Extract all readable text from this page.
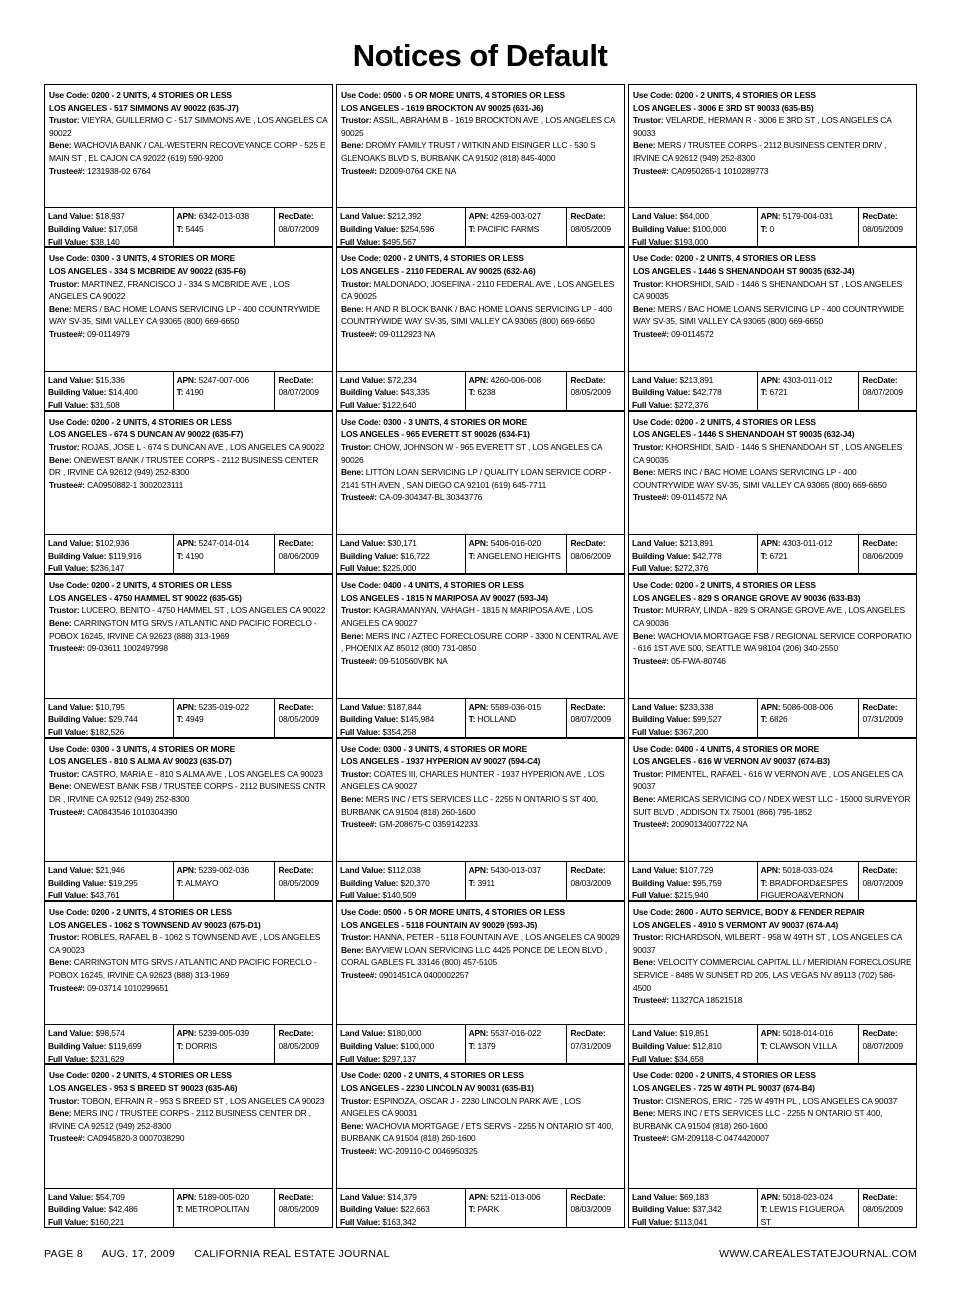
Notices of Default
Use Code: 0200 - 2 UNITS, 4 STORIES OR LESS
LOS ANGELES - 517 SIMMONS AV 90022 (635-J7)
Trustor: VIEYRA, GUILLERMO C - 517 SIMMONS AVE , LOS ANGELES CA 90022
Bene: WACHOVIA BANK / CAL-WESTERN RECOVEYANCE CORP - 525 E MAIN ST , EL CAJON CA 92022 (619) 590-9200
Trustee#: 1231938-02 6764
Land Value: $18,937
Building Value: $17,058
Full Value: $38,140
APN: 6342-013-038
T: 5445
RecDate:
08/07/2009
Use Code: 0300 - 3 UNITS, 4 STORIES OR MORE
LOS ANGELES - 334 S MCBRIDE AV 90022 (635-F6)
Trustor: MARTINEZ, FRANCISCO J - 334 S MCBRIDE AVE , LOS ANGELES CA 90022
Bene: MERS / BAC HOME LOANS SERVICING LP - 400 COUNTRYWIDE WAY SV-35, SIMI VALLEY CA 93065 (800) 669-6650
Trustee#: 09-0114979
Land Value: $15,336
Building Value: $14,400
Full Value: $31,508
APN: 5247-007-006
T: 4190
RecDate:
08/07/2009
Use Code: 0200 - 2 UNITS, 4 STORIES OR LESS
LOS ANGELES - 674 S DUNCAN AV 90022 (635-F7)
Trustor: ROJAS, JOSE L - 674 S DUNCAN AVE , LOS ANGELES CA 90022
Bene: ONEWEST BANK / TRUSTEE CORPS - 2112 BUSINESS CENTER DR , IRVINE CA 92612 (949) 252-8300
Trustee#: CA0950882-1 3002023111
Land Value: $102,936
Building Value: $119,916
Full Value: $236,147
APN: 5247-014-014
T: 4190
RecDate:
08/06/2009
Use Code: 0200 - 2 UNITS, 4 STORIES OR LESS
LOS ANGELES - 4750 HAMMEL ST 90022 (635-G5)
Trustor: LUCERO, BENITO - 4750 HAMMEL ST , LOS ANGELES CA 90022
Bene: CARRINGTON MTG SRVS / ATLANTIC AND PACIFIC FORECLO - POBOX 16245, IRVINE CA 92623 (888) 313-1969
Trustee#: 09-03611 1002497998
Land Value: $10,795
Building Value: $29,744
Full Value: $182,526
APN: 5235-019-022
T: 4949
RecDate:
08/05/2009
Use Code: 0300 - 3 UNITS, 4 STORIES OR MORE
LOS ANGELES - 810 S ALMA AV 90023 (635-D7)
Trustor: CASTRO, MARIA E - 810 S ALMA AVE , LOS ANGELES CA 90023
Bene: ONEWEST BANK FSB / TRUSTEE CORPS - 2112 BUSINESS CNTR DR , IRVINE CA 92512 (949) 252-8300
Trustee#: CA0843546 1010304390
Land Value: $21,946
Building Value: $19,295
Full Value: $43,761
APN: 5239-002-036
T: ALMAYO
RecDate:
08/05/2009
Use Code: 0200 - 2 UNITS, 4 STORIES OR LESS
LOS ANGELES - 1062 S TOWNSEND AV 90023 (675-D1)
Trustor: ROBLES, RAFAEL B - 1062 S TOWNSEND AVE , LOS ANGELES CA 90023
Bene: CARRINGTON MTG SRVS / ATLANTIC AND PACIFIC FORECLO - POBOX 16245, IRVINE CA 92623 (888) 313-1969
Trustee#: 09-03714 1010299651
Land Value: $98,574
Building Value: $119,699
Full Value: $231,629
APN: 5239-005-039
T: DORRIS
RecDate:
08/05/2009
Use Code: 0200 - 2 UNITS, 4 STORIES OR LESS
LOS ANGELES - 953 S BREED ST 90023 (635-A6)
Trustor: TOBON, EFRAIN R - 953 S BREED ST , LOS ANGELES CA 90023
Bene: MERS INC / TRUSTEE CORPS - 2112 BUSINESS CENTER DR , IRVINE CA 92512 (949) 252-8300
Trustee#: CA0945820-3 0007038290
Land Value: $54,709
Building Value: $42,486
Full Value: $160,221
APN: 5189-005-020
T: METROPOLITAN
RecDate:
08/05/2009
Use Code: 0500 - 5 OR MORE UNITS, 4 STORIES OR LESS
LOS ANGELES - 1619 BROCKTON AV 90025 (631-J6)
Trustor: ASSIL, ABRAHAM B - 1619 BROCKTON AVE , LOS ANGELES CA 90025
Bene: DROMY FAMILY TRUST / WITKIN AND EISINGER LLC - 530 S GLENOAKS BLVD S, BURBANK CA 91502 (818) 845-4000
Trustee#: D2009-0764 CKE NA
Land Value: $212,392
Building Value: $254,596
Full Value: $495,567
APN: 4259-003-027
T: PACIFIC FARMS
RecDate:
08/05/2009
Use Code: 0200 - 2 UNITS, 4 STORIES OR LESS
LOS ANGELES - 2110 FEDERAL AV 90025 (632-A6)
Trustor: MALDONADO, JOSEFINA - 2110 FEDERAL AVE , LOS ANGELES CA 90025
Bene: H AND R BLOCK BANK / BAC HOME LOANS SERVICING LP - 400 COUNTRYWIDE WAY SV-35, SIMI VALLEY CA 93065 (800) 669-6650
Trustee#: 09-0112923 NA
Land Value: $72,234
Building Value: $43,335
Full Value: $122,640
APN: 4260-006-008
T: 6238
RecDate:
08/05/2009
Use Code: 0300 - 3 UNITS, 4 STORIES OR MORE
LOS ANGELES - 965 EVERETT ST 90026 (634-F1)
Trustor: CHOW, JOHNSON W - 965 EVERETT ST , LOS ANGELES CA 90026
Bene: LITTON LOAN SERVICING LP / QUALITY LOAN SERVICE CORP - 2141 5TH AVEN , SAN DIEGO CA 92101 (619) 645-7711
Trustee#: CA-09-304347-BL 30343776
Land Value: $30,171
Building Value: $16,722
Full Value: $225,000
APN: 5406-016-020
T: ANGELENO HEIGHTS
RecDate:
08/06/2009
Use Code: 0400 - 4 UNITS, 4 STORIES OR LESS
LOS ANGELES - 1815 N MARIPOSA AV 90027 (593-J4)
Trustor: KAGRAMANYAN, VAHAGH - 1815 N MARIPOSA AVE , LOS ANGELES CA 90027
Bene: MERS INC / AZTEC FORECLOSURE CORP - 3300 N CENTRAL AVE , PHOENIX AZ 85012 (800) 731-0850
Trustee#: 09-510560VBK NA
Land Value: $187,844
Building Value: $145,984
Full Value: $354,258
APN: 5589-036-015
T: HOLLAND
RecDate:
08/07/2009
Use Code: 0300 - 3 UNITS, 4 STORIES OR MORE
LOS ANGELES - 1937 HYPERION AV 90027 (594-C4)
Trustor: COATES III, CHARLES HUNTER - 1937 HYPERION AVE , LOS ANGELES CA 90027
Bene: MERS INC / ETS SERVICES LLC - 2255 N ONTARIO S ST 400, BURBANK CA 91504 (818) 260-1600
Trustee#: GM-208675-C 0359142233
Land Value: $112,038
Building Value: $20,370
Full Value: $140,509
APN: 5430-013-037
T: 3911
RecDate:
08/03/2009
Use Code: 0500 - 5 OR MORE UNITS, 4 STORIES OR LESS
LOS ANGELES - 5118 FOUNTAIN AV 90029 (593-J5)
Trustor: HANNA, PETER - 5118 FOUNTAIN AVE , LOS ANGELES CA 90029
Bene: BAYVIEW LOAN SERVICING LLC 4425 PONCE DE LEON BLVD , CORAL GABLES FL 33146 (800) 457-5105
Trustee#: 0901451CA 0400002257
Land Value: $180,000
Building Value: $100,000
Full Value: $297,137
APN: 5537-016-022
T: 1379
RecDate:
07/31/2009
Use Code: 0200 - 2 UNITS, 4 STORIES OR LESS
LOS ANGELES - 2230 LINCOLN AV 90031 (635-B1)
Trustor: ESPINOZA, OSCAR J - 2230 LINCOLN PARK AVE , LOS ANGELES CA 90031
Bene: WACHOVIA MORTGAGE / ETS SERVS - 2255 N ONTARIO ST 400, BURBANK CA 91504 (818) 260-1600
Trustee#: WC-209110-C 0046950325
Land Value: $14,379
Building Value: $22,663
Full Value: $163,342
APN: 5211-013-006
T: PARK
RecDate:
08/03/2009
Use Code: 0200 - 2 UNITS, 4 STORIES OR LESS
LOS ANGELES - 3006 E 3RD ST 90033 (635-B5)
Trustor: VELARDE, HERMAN R - 3006 E 3RD ST , LOS ANGELES CA 90033
Bene: MERS / TRUSTEE CORPS - 2112 BUSINESS CENTER DRIV , IRVINE CA 92612 (949) 252-8300
Trustee#: CA0950265-1 1010289773
Land Value: $64,000
Building Value: $100,000
Full Value: $193,000
APN: 5179-004-031
T: 0
RecDate:
08/05/2009
Use Code: 0200 - 2 UNITS, 4 STORIES OR LESS
LOS ANGELES - 1446 S SHENANDOAH ST 90035 (632-J4)
Trustor: KHORSHIDI, SAID - 1446 S SHENANDOAH ST , LOS ANGELES CA 90035
Bene: MERS / BAC HOME LOANS SERVICING LP - 400 COUNTRYWIDE WAY SV-35, SIMI VALLEY CA 93065 (800) 669-6650
Trustee#: 09-0114572
Land Value: $213,891
Building Value: $42,778
Full Value: $272,376
APN: 4303-011-012
T: 6721
RecDate:
08/07/2009
Use Code: 0200 - 2 UNITS, 4 STORIES OR LESS
LOS ANGELES - 1446 S SHENANDOAH ST 90035 (632-J4)
Trustor: KHORSHIDI, SAID - 1446 S SHENANDOAH ST , LOS ANGELES CA 90035
Bene: MERS INC / BAC HOME LOANS SERVICING LP - 400 COUNTRYWIDE WAY SV-35, SIMI VALLEY CA 93065 (800) 669-6650
Trustee#: 09-0114572 NA
Land Value: $213,891
Building Value: $42,778
Full Value: $272,376
APN: 4303-011-012
T: 6721
RecDate:
08/06/2009
Use Code: 0200 - 2 UNITS, 4 STORIES OR LESS
LOS ANGELES - 829 S ORANGE GROVE AV 90036 (633-B3)
Trustor: MURRAY, LINDA - 829 S ORANGE GROVE AVE , LOS ANGELES CA 90036
Bene: WACHOVIA MORTGAGE FSB / REGIONAL SERVICE CORPORATIO - 616 1ST AVE 500, SEATTLE WA 98104 (206) 340-2550
Trustee#: 05-FWA-80746
Land Value: $233,338
Building Value: $99,527
Full Value: $367,200
APN: 5086-008-006
T: 6826
RecDate:
07/31/2009
Use Code: 0400 - 4 UNITS, 4 STORIES OR MORE
LOS ANGELES - 616 W VERNON AV 90037 (674-B3)
Trustor: PIMENTEL, RAFAEL - 616 W VERNON AVE , LOS ANGELES CA 90037
Bene: AMERICAS SERVICING CO / NDEX WEST LLC - 15000 SURVEYOR SUIT BLVD , ADDISON TX 75001 (866) 795-1852
Trustee#: 20090134007722 NA
Land Value: $107,729
Building Value: $95,759
Full Value: $215,940
APN: 5018-033-024
T: BRADFORD&ESPES FIGUEROA&VERNON
RecDate:
08/07/2009
Use Code: 2600 - AUTO SERVICE, BODY & FENDER REPAIR
LOS ANGELES - 4910 S VERMONT AV 90037 (674-A4)
Trustor: RICHARDSON, WILBERT - 958 W 49TH ST , LOS ANGELES CA 90037
Bene: VELOCITY COMMERCIAL CAPITAL LL / MERIDIAN FORECLOSURE SERVICE - 8485 W SUNSET RD 205, LAS VEGAS NV 89113 (702) 586-4500
Trustee#: 11327CA 18521518
Land Value: $19,851
Building Value: $12,810
Full Value: $34,658
APN: 5018-014-016
T: CLAWSON V1LLA
RecDate:
08/07/2009
Use Code: 0200 - 2 UNITS, 4 STORIES OR LESS
LOS ANGELES - 725 W 49TH PL 90037 (674-B4)
Trustor: CISNEROS, ERIC - 725 W 49TH PL , LOS ANGELES CA 90037
Bene: MERS INC / ETS SERVICES LLC - 2255 N ONTARIO ST 400, BURBANK CA 91504 (818) 260-1600
Trustee#: GM-209118-C 0474420007
Land Value: $69,183
Building Value: $37,342
Full Value: $113,041
APN: 5018-023-024
T: LEW1S F1GUEROA ST
RecDate:
08/05/2009
PAGE 8 AUG. 17, 2009 CALIFORNIA REAL ESTATE JOURNAL	WWW.CAREALESTATEJOURNAL.COM
